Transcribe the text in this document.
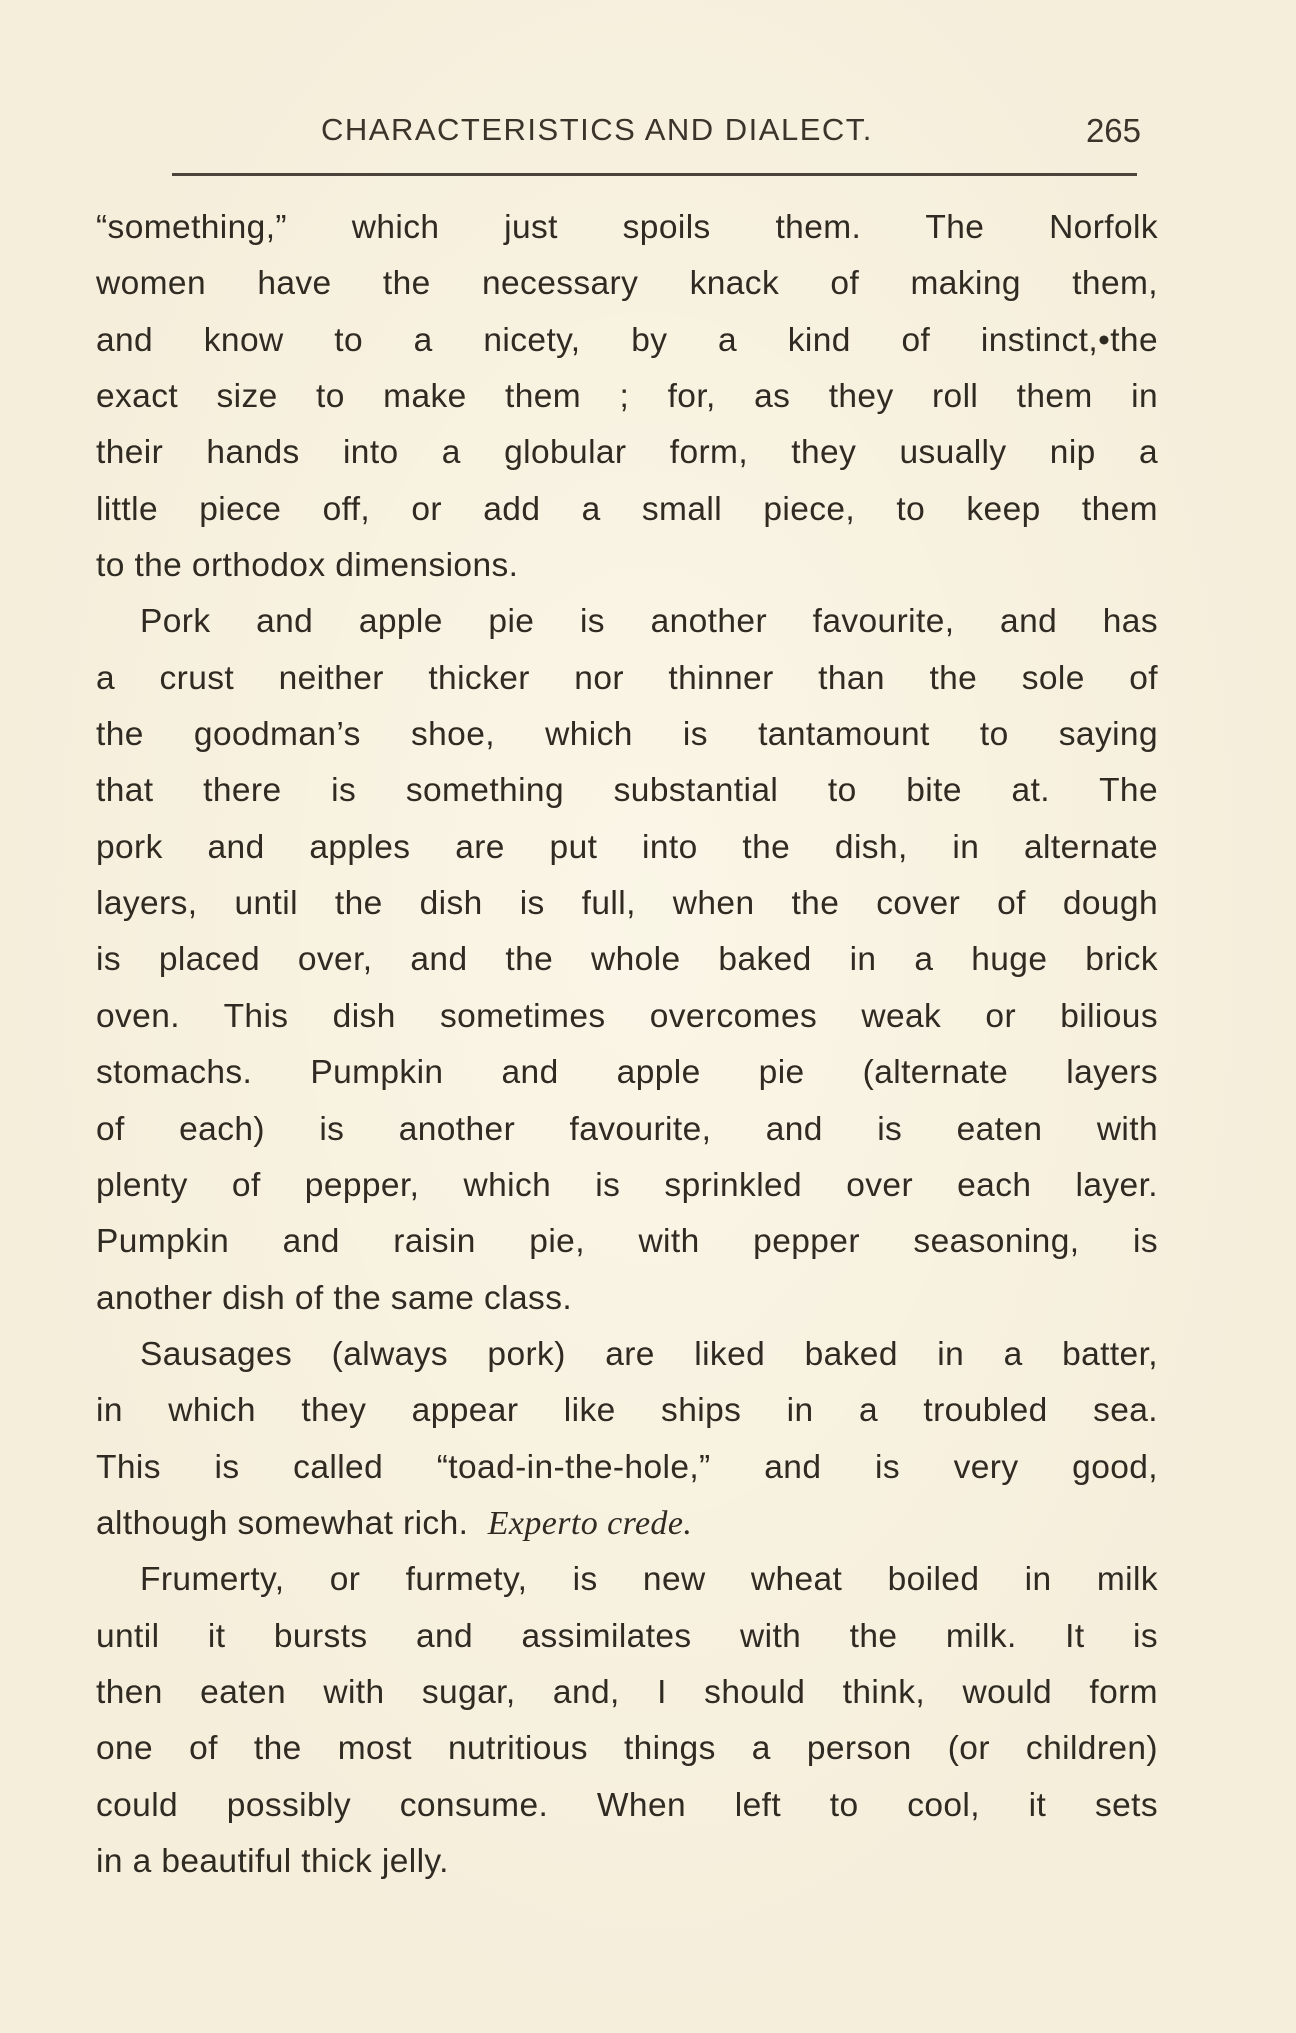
CHARACTERISTICS AND DIALECT.	265
“something,” which just spoils them. The Norfolk
women have the necessary knack of making them,
and know to a nicety, by a kind of instinct,•the
exact size to make them ; for, as they roll them in
their hands into a globular form, they usually nip a
little piece off, or add a small piece, to keep them
to the orthodox dimensions.
Pork and apple pie is another favourite, and has
a crust neither thicker nor thinner than the sole of
the goodman’s shoe, which is tantamount to saying
that there is something substantial to bite at. The
pork and apples are put into the dish, in alternate
layers, until the dish is full, when the cover of dough
is placed over, and the whole baked in a huge brick
oven. This dish sometimes overcomes weak or bilious
stomachs. Pumpkin and apple pie (alternate layers
of each) is another favourite, and is eaten with
plenty of pepper, which is sprinkled over each layer.
Pumpkin and raisin pie, with pepper seasoning, is
another dish of the same class.
Sausages (always pork) are liked baked in a batter,
in which they appear like ships in a troubled sea.
This is called “toad-in-the-hole,” and is very good,
although somewhat rich. Experto crede.
Frumerty, or furmety, is new wheat boiled in milk
until it bursts and assimilates with the milk. It is
then eaten with sugar, and, I should think, would form
one of the most nutritious things a person (or children)
could possibly consume. When left to cool, it sets
in a beautiful thick jelly.
